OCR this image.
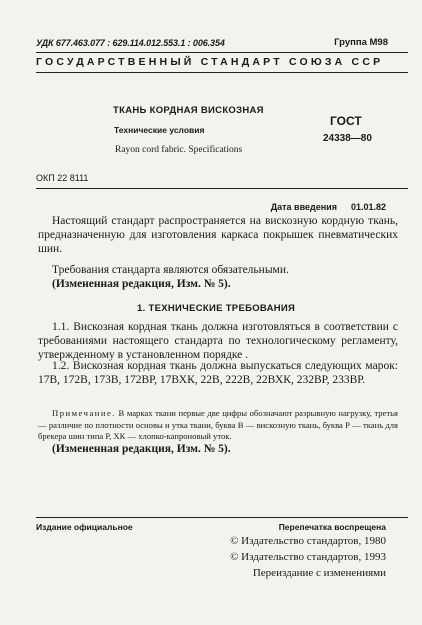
УДК 677.463.077 : 629.114.012.553.1 : 006.354	Группа М98
ГОСУДАРСТВЕННЫЙ СТАНДАРТ СОЮЗА ССР
ТКАНЬ КОРДНАЯ ВИСКОЗНАЯ
Технические условия
Rayon cord fabric. Specifications
ГОСТ
24338—80
ОКП 22 8111
Дата введения 01.01.82
Настоящий стандарт распространяется на вискозную кордную ткань, предназначенную для изготовления каркаса покрышек пневматических шин.
Требования стандарта являются обязательными.
(Измененная редакция, Изм. № 5).
1. ТЕХНИЧЕСКИЕ ТРЕБОВАНИЯ
1.1. Вискозная кордная ткань должна изготовляться в соответствии с требованиями настоящего стандарта по технологическому регламенту, утвержденному в установленном порядке .
1.2. Вискозная кордная ткань должна выпускаться следующих марок: 17В, 172В, 173В, 172ВР, 17ВХК, 22В, 222В, 22ВХК, 232ВР, 233ВР.
Примечание. В марках ткани первые две цифры обозначают разрывную нагрузку, третья — различие по плотности основы и утка ткани, буква В — вискозную ткань, буква Р — ткань для брекера шин типа Р, ХК — хлопко-капроновый уток.
(Измененная редакция, Изм. № 5).
Издание официальное	Перепечатка воспрещена
© Издательство стандартов, 1980
© Издательство стандартов, 1993
Переиздание с изменениями
